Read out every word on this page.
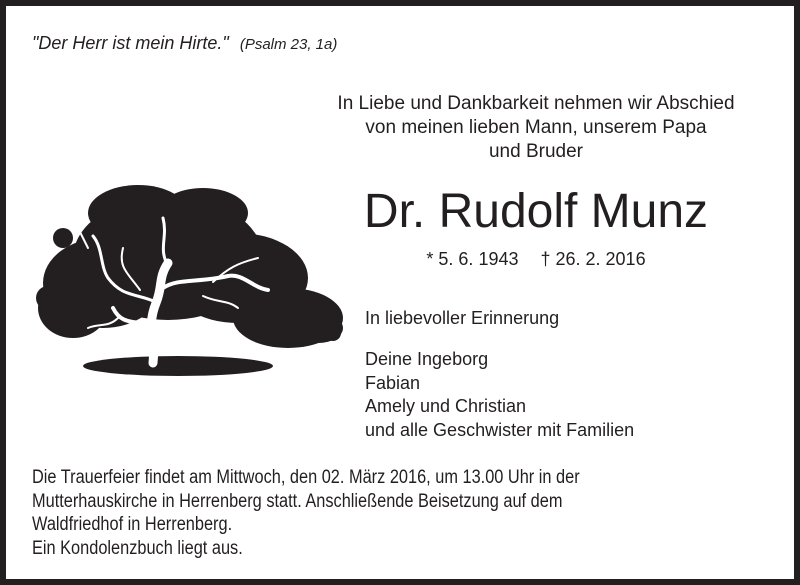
"Der Herr ist mein Hirte." (Psalm 23, 1a)
In Liebe und Dankbarkeit nehmen wir Abschied
von meinen lieben Mann, unserem Papa
und Bruder
Dr. Rudolf Munz
* 5. 6. 1943 † 26. 2. 2016
In liebevoller Erinnerung
Deine Ingeborg
Fabian
Amely und Christian
und alle Geschwister mit Familien
Die Trauerfeier findet am Mittwoch, den 02. März 2016, um 13.00 Uhr in der
Mutterhauskirche in Herrenberg statt. Anschließende Beisetzung auf dem
Waldfriedhof in Herrenberg.
Ein Kondolenzbuch liegt aus.
